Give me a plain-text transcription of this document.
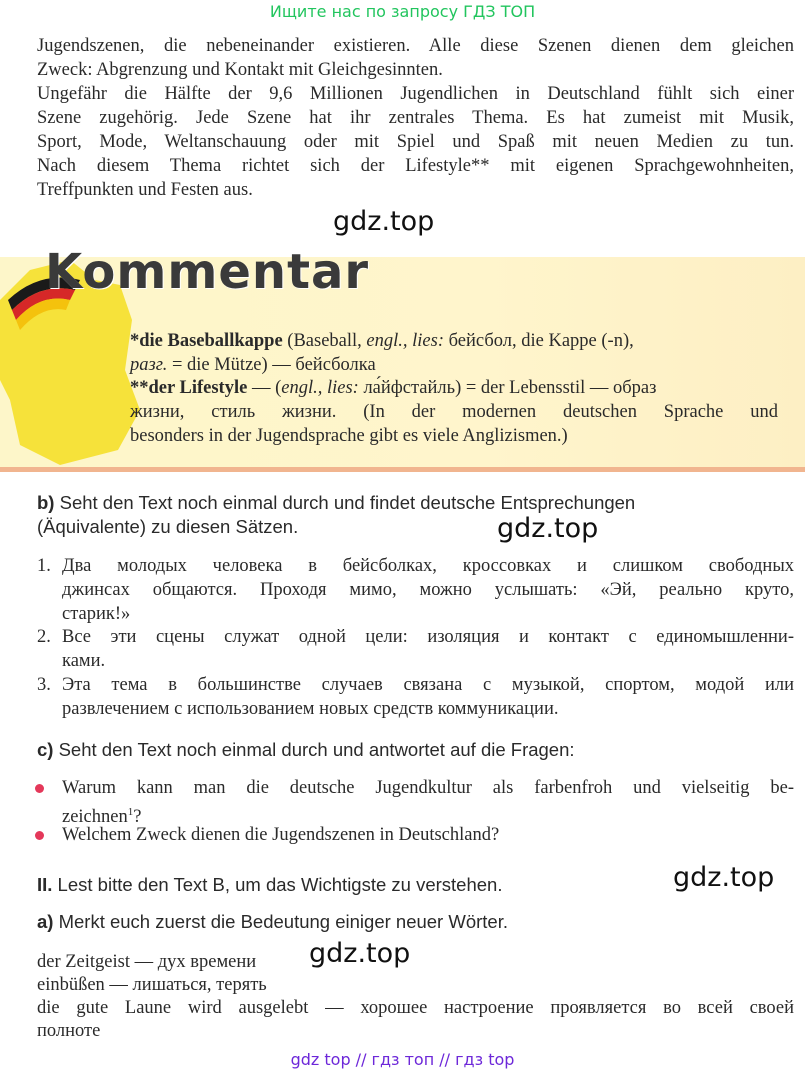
Ищите нас по запросу ГДЗ ТОП
Jugendszenen, die nebeneinander existieren. Alle diese Szenen dienen dem gleichen
Zweck: Abgrenzung und Kontakt mit Gleichgesinnten.
Ungefähr die Hälfte der 9,6 Millionen Jugendlichen in Deutschland fühlt sich einer
Szene zugehörig. Jede Szene hat ihr zentrales Thema. Es hat zumeist mit Musik,
Sport, Mode, Weltanschauung oder mit Spiel und Spaß mit neuen Medien zu tun.
Nach diesem Thema richtet sich der Lifestyle** mit eigenen Sprachgewohnheiten,
Treffpunkten und Festen aus.
gdz.top
Kommentar
*die Baseballkappe (Baseball, engl., lies: бейсбол, die Kappe (-n),
разг. = die Mütze) — бейсболка
**der Lifestyle — (engl., lies: ла́йфстайль) = der Lebensstil — образ
жизни, стиль жизни. (In der modernen deutschen Sprache und
besonders in der Jugendsprache gibt es viele Anglizismen.)
b) Seht den Text noch einmal durch und findet deutsche Entsprechungen
(Äquivalente) zu diesen Sätzen.	gdz.top
1. Два молодых человека в бейсболках, кроссовках и слишком свободных
джинсах общаются. Проходя мимо, можно услышать: «Эй, реально круто,
старик!»
2. Все эти сцены служат одной цели: изоляция и контакт с единомышленни-
ками.
3. Эта тема в большинстве случаев связана с музыкой, спортом, модой или
развлечением с использованием новых средств коммуникации.
c) Seht den Text noch einmal durch und antwortet auf die Fragen:
Warum kann man die deutsche Jugendkultur als farbenfroh und vielseitig be-
zeichnen$^1$?
Welchem Zweck dienen die Jugendszenen in Deutschland?
II. Lest bitte den Text B, um das Wichtigste zu verstehen.	gdz.top
a) Merkt euch zuerst die Bedeutung einiger neuer Wörter.
der Zeitgeist — дух времени
einbüßen — лишаться, терять
die gute Laune wird ausgelebt — хорошее настроение проявляется во всей своей
полноте
gdz.top
gdz top // гдз топ // гдз top
